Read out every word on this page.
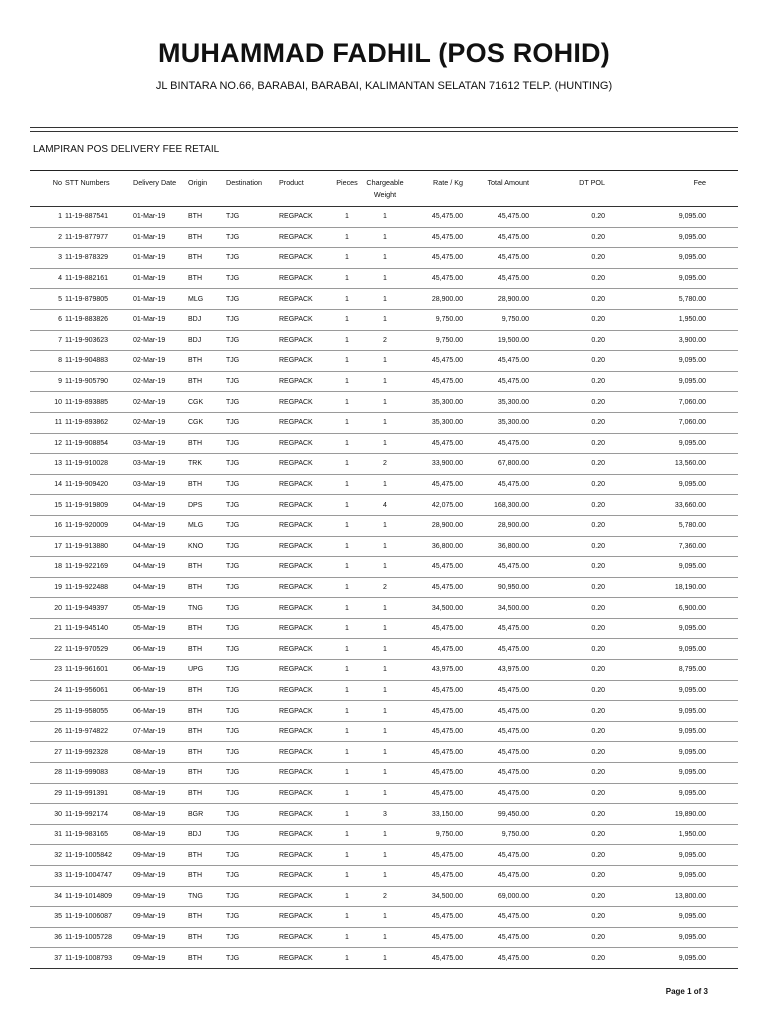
MUHAMMAD FADHIL (POS ROHID)
JL BINTARA NO.66, BARABAI, BARABAI, KALIMANTAN SELATAN 71612 TELP. (HUNTING)
LAMPIRAN POS DELIVERY FEE RETAIL
No	STT Numbers	Delivery Date	Origin	Destination	Product	Pieces	Chargeable
Weight	Rate / Kg	Total Amount	DT POL	Fee
1	11-19-887541	01-Mar-19	BTH	TJG	REGPACK	1	1	45,475.00	45,475.00	0.20	9,095.00
2	11-19-877977	01-Mar-19	BTH	TJG	REGPACK	1	1	45,475.00	45,475.00	0.20	9,095.00
3	11-19-878329	01-Mar-19	BTH	TJG	REGPACK	1	1	45,475.00	45,475.00	0.20	9,095.00
4	11-19-882161	01-Mar-19	BTH	TJG	REGPACK	1	1	45,475.00	45,475.00	0.20	9,095.00
5	11-19-879805	01-Mar-19	MLG	TJG	REGPACK	1	1	28,900.00	28,900.00	0.20	5,780.00
6	11-19-883826	01-Mar-19	BDJ	TJG	REGPACK	1	1	9,750.00	9,750.00	0.20	1,950.00
7	11-19-903623	02-Mar-19	BDJ	TJG	REGPACK	1	2	9,750.00	19,500.00	0.20	3,900.00
8	11-19-904883	02-Mar-19	BTH	TJG	REGPACK	1	1	45,475.00	45,475.00	0.20	9,095.00
9	11-19-905790	02-Mar-19	BTH	TJG	REGPACK	1	1	45,475.00	45,475.00	0.20	9,095.00
10	11-19-893885	02-Mar-19	CGK	TJG	REGPACK	1	1	35,300.00	35,300.00	0.20	7,060.00
11	11-19-893862	02-Mar-19	CGK	TJG	REGPACK	1	1	35,300.00	35,300.00	0.20	7,060.00
12	11-19-908854	03-Mar-19	BTH	TJG	REGPACK	1	1	45,475.00	45,475.00	0.20	9,095.00
13	11-19-910028	03-Mar-19	TRK	TJG	REGPACK	1	2	33,900.00	67,800.00	0.20	13,560.00
14	11-19-909420	03-Mar-19	BTH	TJG	REGPACK	1	1	45,475.00	45,475.00	0.20	9,095.00
15	11-19-919809	04-Mar-19	DPS	TJG	REGPACK	1	4	42,075.00	168,300.00	0.20	33,660.00
16	11-19-920009	04-Mar-19	MLG	TJG	REGPACK	1	1	28,900.00	28,900.00	0.20	5,780.00
17	11-19-913880	04-Mar-19	KNO	TJG	REGPACK	1	1	36,800.00	36,800.00	0.20	7,360.00
18	11-19-922169	04-Mar-19	BTH	TJG	REGPACK	1	1	45,475.00	45,475.00	0.20	9,095.00
19	11-19-922488	04-Mar-19	BTH	TJG	REGPACK	1	2	45,475.00	90,950.00	0.20	18,190.00
20	11-19-949397	05-Mar-19	TNG	TJG	REGPACK	1	1	34,500.00	34,500.00	0.20	6,900.00
21	11-19-945140	05-Mar-19	BTH	TJG	REGPACK	1	1	45,475.00	45,475.00	0.20	9,095.00
22	11-19-970529	06-Mar-19	BTH	TJG	REGPACK	1	1	45,475.00	45,475.00	0.20	9,095.00
23	11-19-961601	06-Mar-19	UPG	TJG	REGPACK	1	1	43,975.00	43,975.00	0.20	8,795.00
24	11-19-956061	06-Mar-19	BTH	TJG	REGPACK	1	1	45,475.00	45,475.00	0.20	9,095.00
25	11-19-958055	06-Mar-19	BTH	TJG	REGPACK	1	1	45,475.00	45,475.00	0.20	9,095.00
26	11-19-974822	07-Mar-19	BTH	TJG	REGPACK	1	1	45,475.00	45,475.00	0.20	9,095.00
27	11-19-992328	08-Mar-19	BTH	TJG	REGPACK	1	1	45,475.00	45,475.00	0.20	9,095.00
28	11-19-999083	08-Mar-19	BTH	TJG	REGPACK	1	1	45,475.00	45,475.00	0.20	9,095.00
29	11-19-991391	08-Mar-19	BTH	TJG	REGPACK	1	1	45,475.00	45,475.00	0.20	9,095.00
30	11-19-992174	08-Mar-19	BGR	TJG	REGPACK	1	3	33,150.00	99,450.00	0.20	19,890.00
31	11-19-983165	08-Mar-19	BDJ	TJG	REGPACK	1	1	9,750.00	9,750.00	0.20	1,950.00
32	11-19-1005842	09-Mar-19	BTH	TJG	REGPACK	1	1	45,475.00	45,475.00	0.20	9,095.00
33	11-19-1004747	09-Mar-19	BTH	TJG	REGPACK	1	1	45,475.00	45,475.00	0.20	9,095.00
34	11-19-1014809	09-Mar-19	TNG	TJG	REGPACK	1	2	34,500.00	69,000.00	0.20	13,800.00
35	11-19-1006087	09-Mar-19	BTH	TJG	REGPACK	1	1	45,475.00	45,475.00	0.20	9,095.00
36	11-19-1005728	09-Mar-19	BTH	TJG	REGPACK	1	1	45,475.00	45,475.00	0.20	9,095.00
37	11-19-1008793	09-Mar-19	BTH	TJG	REGPACK	1	1	45,475.00	45,475.00	0.20	9,095.00
Page 1 of 3
